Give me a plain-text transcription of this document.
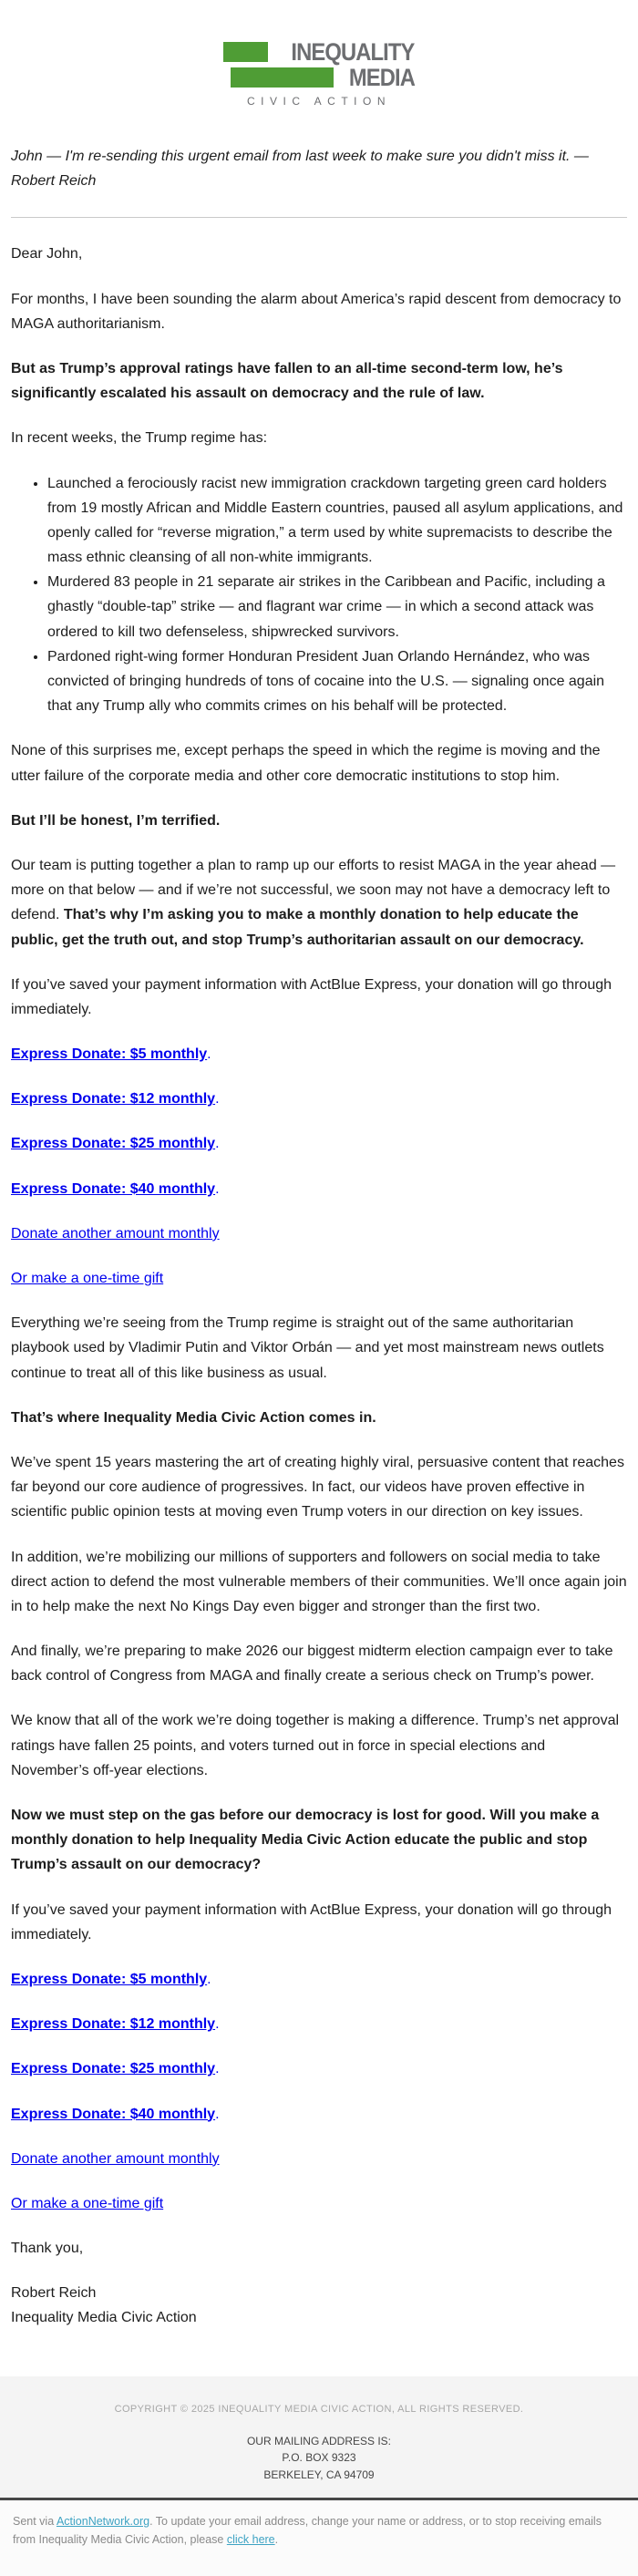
INEQUALITY
MEDIA
CIVIC ACTION

John — I'm re-sending this urgent email from last week to make sure you didn't miss it. — Robert Reich

Dear John,

For months, I have been sounding the alarm about America’s rapid descent from democracy to MAGA authoritarianism.

But as Trump’s approval ratings have fallen to an all-time second-term low, he’s significantly escalated his assault on democracy and the rule of law.

In recent weeks, the Trump regime has:

• Launched a ferociously racist new immigration crackdown targeting green card holders from 19 mostly African and Middle Eastern countries, paused all asylum applications, and openly called for “reverse migration,” a term used by white supremacists to describe the mass ethnic cleansing of all non-white immigrants.
• Murdered 83 people in 21 separate air strikes in the Caribbean and Pacific, including a ghastly “double-tap” strike — and flagrant war crime — in which a second attack was ordered to kill two defenseless, shipwrecked survivors.
• Pardoned right-wing former Honduran President Juan Orlando Hernández, who was convicted of bringing hundreds of tons of cocaine into the U.S. — signaling once again that any Trump ally who commits crimes on his behalf will be protected.

None of this surprises me, except perhaps the speed in which the regime is moving and the utter failure of the corporate media and other core democratic institutions to stop him.

But I’ll be honest, I’m terrified.

Our team is putting together a plan to ramp up our efforts to resist MAGA in the year ahead — more on that below — and if we’re not successful, we soon may not have a democracy left to defend. That’s why I’m asking you to make a monthly donation to help educate the public, get the truth out, and stop Trump’s authoritarian assault on our democracy.

If you’ve saved your payment information with ActBlue Express, your donation will go through immediately.

Express Donate: $5 monthly.

Express Donate: $12 monthly.

Express Donate: $25 monthly.

Express Donate: $40 monthly.

Donate another amount monthly

Or make a one-time gift

Everything we’re seeing from the Trump regime is straight out of the same authoritarian playbook used by Vladimir Putin and Viktor Orbán — and yet most mainstream news outlets continue to treat all of this like business as usual.

That’s where Inequality Media Civic Action comes in.

We’ve spent 15 years mastering the art of creating highly viral, persuasive content that reaches far beyond our core audience of progressives. In fact, our videos have proven effective in scientific public opinion tests at moving even Trump voters in our direction on key issues.

In addition, we’re mobilizing our millions of supporters and followers on social media to take direct action to defend the most vulnerable members of their communities. We’ll once again join in to help make the next No Kings Day even bigger and stronger than the first two.

And finally, we’re preparing to make 2026 our biggest midterm election campaign ever to take back control of Congress from MAGA and finally create a serious check on Trump’s power.

We know that all of the work we’re doing together is making a difference. Trump’s net approval ratings have fallen 25 points, and voters turned out in force in special elections and November’s off-year elections.

Now we must step on the gas before our democracy is lost for good. Will you make a monthly donation to help Inequality Media Civic Action educate the public and stop Trump’s assault on our democracy?

If you’ve saved your payment information with ActBlue Express, your donation will go through immediately.

Express Donate: $5 monthly.

Express Donate: $12 monthly.

Express Donate: $25 monthly.

Express Donate: $40 monthly.

Donate another amount monthly

Or make a one-time gift

Thank you,

Robert Reich
Inequality Media Civic Action

COPYRIGHT © 2025 INEQUALITY MEDIA CIVIC ACTION, ALL RIGHTS RESERVED.

OUR MAILING ADDRESS IS:
P.O. BOX 9323
BERKELEY, CA 94709

Sent via ActionNetwork.org. To update your email address, change your name or address, or to stop receiving emails from Inequality Media Civic Action, please click here.
